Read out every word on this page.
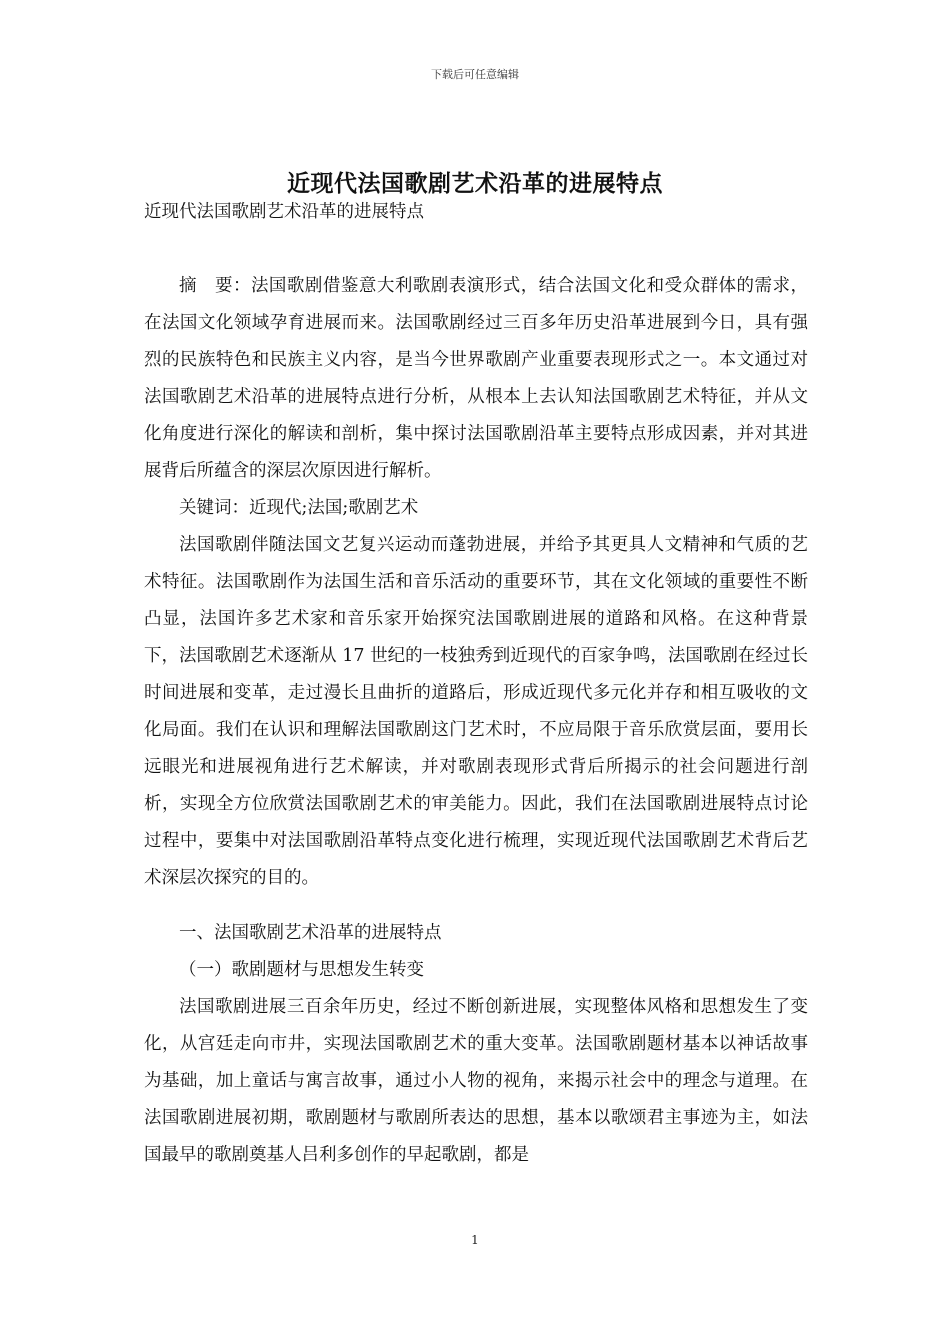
下载后可任意编辑
近现代法国歌剧艺术沿革的进展特点

近现代法国歌剧艺术沿革的进展特点

摘　要：法国歌剧借鉴意大利歌剧表演形式，结合法国文化和受众群体的需求，在法国文化领域孕育进展而来。法国歌剧经过三百多年历史沿革进展到今日，具有强烈的民族特色和民族主义内容，是当今世界歌剧产业重要表现形式之一。本文通过对法国歌剧艺术沿革的进展特点进行分析，从根本上去认知法国歌剧艺术特征，并从文化角度进行深化的解读和剖析，集中探讨法国歌剧沿革主要特点形成因素，并对其进展背后所蕴含的深层次原因进行解析。

关键词：近现代;法国;歌剧艺术

法国歌剧伴随法国文艺复兴运动而蓬勃进展，并给予其更具人文精神和气质的艺术特征。法国歌剧作为法国生活和音乐活动的重要环节，其在文化领域的重要性不断凸显，法国许多艺术家和音乐家开始探究法国歌剧进展的道路和风格。在这种背景下，法国歌剧艺术逐渐从 17 世纪的一枝独秀到近现代的百家争鸣，法国歌剧在经过长时间进展和变革，走过漫长且曲折的道路后，形成近现代多元化并存和相互吸收的文化局面。我们在认识和理解法国歌剧这门艺术时，不应局限于音乐欣赏层面，要用长远眼光和进展视角进行艺术解读，并对歌剧表现形式背后所揭示的社会问题进行剖析，实现全方位欣赏法国歌剧艺术的审美能力。因此，我们在法国歌剧进展特点讨论过程中，要集中对法国歌剧沿革特点变化进行梳理，实现近现代法国歌剧艺术背后艺术深层次探究的目的。

一、法国歌剧艺术沿革的进展特点

（一）歌剧题材与思想发生转变

法国歌剧进展三百余年历史，经过不断创新进展，实现整体风格和思想发生了变化，从宫廷走向市井，实现法国歌剧艺术的重大变革。法国歌剧题材基本以神话故事为基础，加上童话与寓言故事，通过小人物的视角，来揭示社会中的理念与道理。在法国歌剧进展初期，歌剧题材与歌剧所表达的思想，基本以歌颂君主事迹为主，如法国最早的歌剧奠基人吕利多创作的早起歌剧，都是

1
